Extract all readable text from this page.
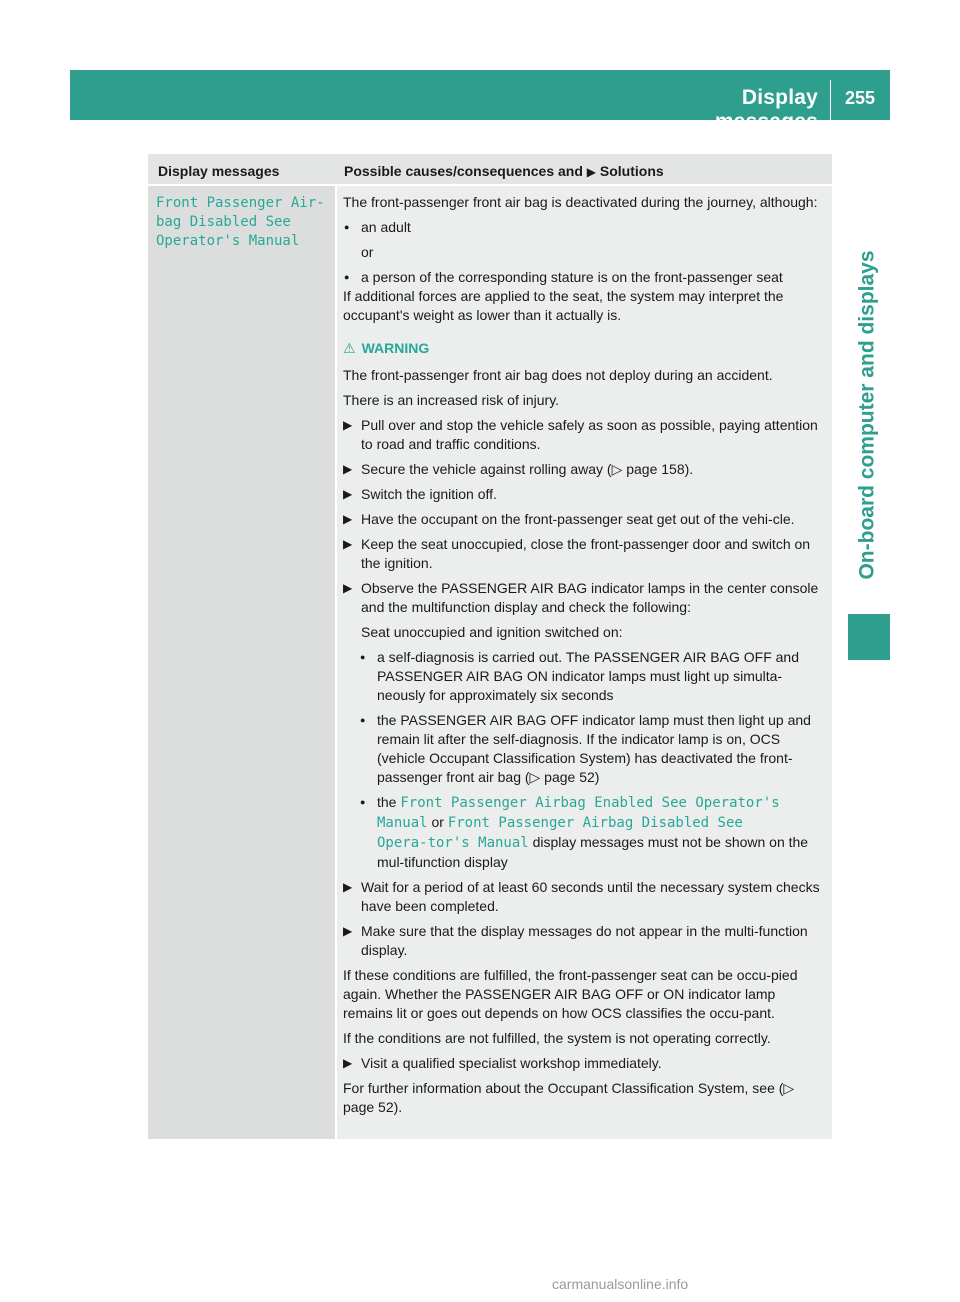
Display messages
255
On-board computer and displays
Display messages	Possible causes/consequences and ▶ Solutions
Front Passenger Air‑
bag Disabled See
Operator's Manual

The front-passenger front air bag is deactivated during the journey, although:

● an adult

or

● a person of the corresponding stature is on the front-passenger seat

If additional forces are applied to the seat, the system may interpret the occupant's weight as lower than it actually is.

⚠ WARNING

The front-passenger front air bag does not deploy during an accident.

There is an increased risk of injury.

▶ Pull over and stop the vehicle safely as soon as possible, paying attention to road and traffic conditions.

▶ Secure the vehicle against rolling away (▷ page 158).

▶ Switch the ignition off.

▶ Have the occupant on the front-passenger seat get out of the vehi-cle.

▶ Keep the seat unoccupied, close the front-passenger door and switch on the ignition.

▶ Observe the PASSENGER AIR BAG indicator lamps in the center console and the multifunction display and check the following:

Seat unoccupied and ignition switched on:

● a self-diagnosis is carried out. The PASSENGER AIR BAG OFF and PASSENGER AIR BAG ON indicator lamps must light up simulta-neously for approximately six seconds

● the PASSENGER AIR BAG OFF indicator lamp must then light up and remain lit after the self-diagnosis. If the indicator lamp is on, OCS (vehicle Occupant Classification System) has deactivated the front-passenger front air bag (▷ page 52)

● the Front Passenger Airbag Enabled See Operator's Manual or Front Passenger Airbag Disabled See Opera‑tor's Manual display messages must not be shown on the mul-tifunction display

▶ Wait for a period of at least 60 seconds until the necessary system checks have been completed.

▶ Make sure that the display messages do not appear in the multi-function display.

If these conditions are fulfilled, the front-passenger seat can be occu-pied again. Whether the PASSENGER AIR BAG OFF or ON indicator lamp remains lit or goes out depends on how OCS classifies the occu-pant.

If the conditions are not fulfilled, the system is not operating correctly.

▶ Visit a qualified specialist workshop immediately.

For further information about the Occupant Classification System, see (▷ page 52).

carmanualsonline.info
